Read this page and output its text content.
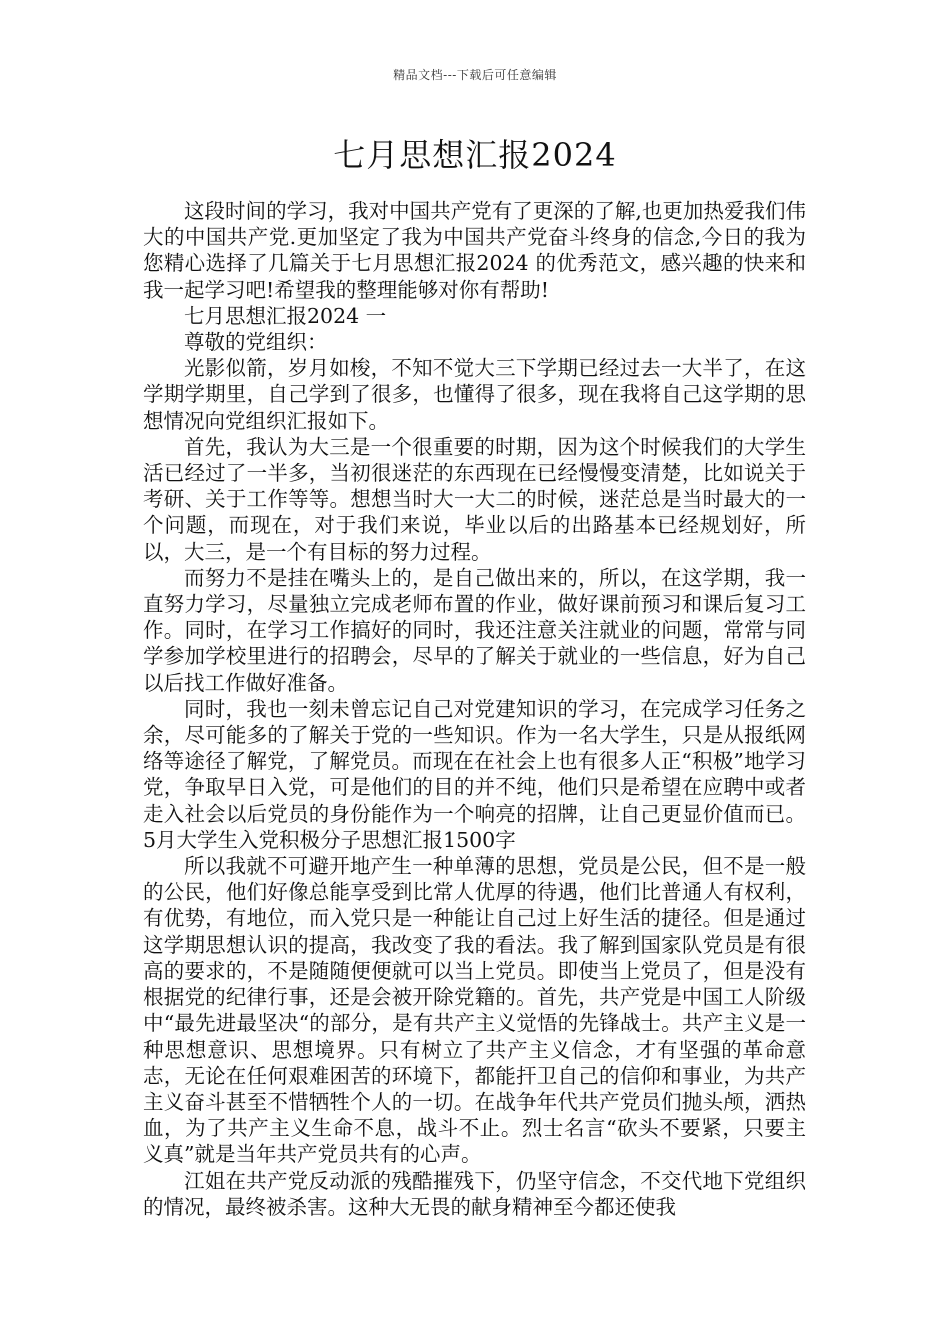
精品文档---下载后可任意编辑
七月思想汇报2024

这段时间的学习，我对中国共产党有了更深的了解,也更加热爱我们伟大的中国共产党.更加坚定了我为中国共产党奋斗终身的信念,今日的我为您精心选择了几篇关于七月思想汇报2024 的优秀范文，感兴趣的快来和我一起学习吧!希望我的整理能够对你有帮助!

七月思想汇报2024 一

尊敬的党组织：

光影似箭，岁月如梭，不知不觉大三下学期已经过去一大半了，在这学期学期里，自己学到了很多，也懂得了很多，现在我将自己这学期的思想情况向党组织汇报如下。

首先，我认为大三是一个很重要的时期，因为这个时候我们的大学生活已经过了一半多，当初很迷茫的东西现在已经慢慢变清楚，比如说关于考研、关于工作等等。想想当时大一大二的时候，迷茫总是当时最大的一个问题，而现在，对于我们来说，毕业以后的出路基本已经规划好，所以，大三，是一个有目标的努力过程。

而努力不是挂在嘴头上的，是自己做出来的，所以，在这学期，我一直努力学习，尽量独立完成老师布置的作业，做好课前预习和课后复习工作。同时，在学习工作搞好的同时，我还注意关注就业的问题，常常与同学参加学校里进行的招聘会，尽早的了解关于就业的一些信息，好为自己以后找工作做好准备。

同时，我也一刻未曾忘记自己对党建知识的学习，在完成学习任务之余，尽可能多的了解关于党的一些知识。作为一名大学生，只是从报纸网络等途径了解党，了解党员。而现在在社会上也有很多人正“积极”地学习党，争取早日入党，可是他们的目的并不纯，他们只是希望在应聘中或者走入社会以后党员的身份能作为一个响亮的招牌，让自己更显价值而已。5月大学生入党积极分子思想汇报1500字

所以我就不可避开地产生一种单薄的思想，党员是公民，但不是一般的公民，他们好像总能享受到比常人优厚的待遇，他们比普通人有权利，有优势，有地位，而入党只是一种能让自己过上好生活的捷径。但是通过这学期思想认识的提高，我改变了我的看法。我了解到国家队党员是有很高的要求的，不是随随便便就可以当上党员。即使当上党员了，但是没有根据党的纪律行事，还是会被开除党籍的。首先，共产党是中国工人阶级中“最先进最坚决“的部分，是有共产主义觉悟的先锋战士。共产主义是一种思想意识、思想境界。只有树立了共产主义信念，才有坚强的革命意志，无论在任何艰难困苦的环境下，都能扞卫自己的信仰和事业，为共产主义奋斗甚至不惜牺牲个人的一切。在战争年代共产党员们抛头颅，洒热血，为了共产主义生命不息，战斗不止。烈士名言“砍头不要紧，只要主义真”就是当年共产党员共有的心声。

江姐在共产党反动派的残酷摧残下，仍坚守信念，不交代地下党组织的情况，最终被杀害。这种大无畏的献身精神至今都还使我
